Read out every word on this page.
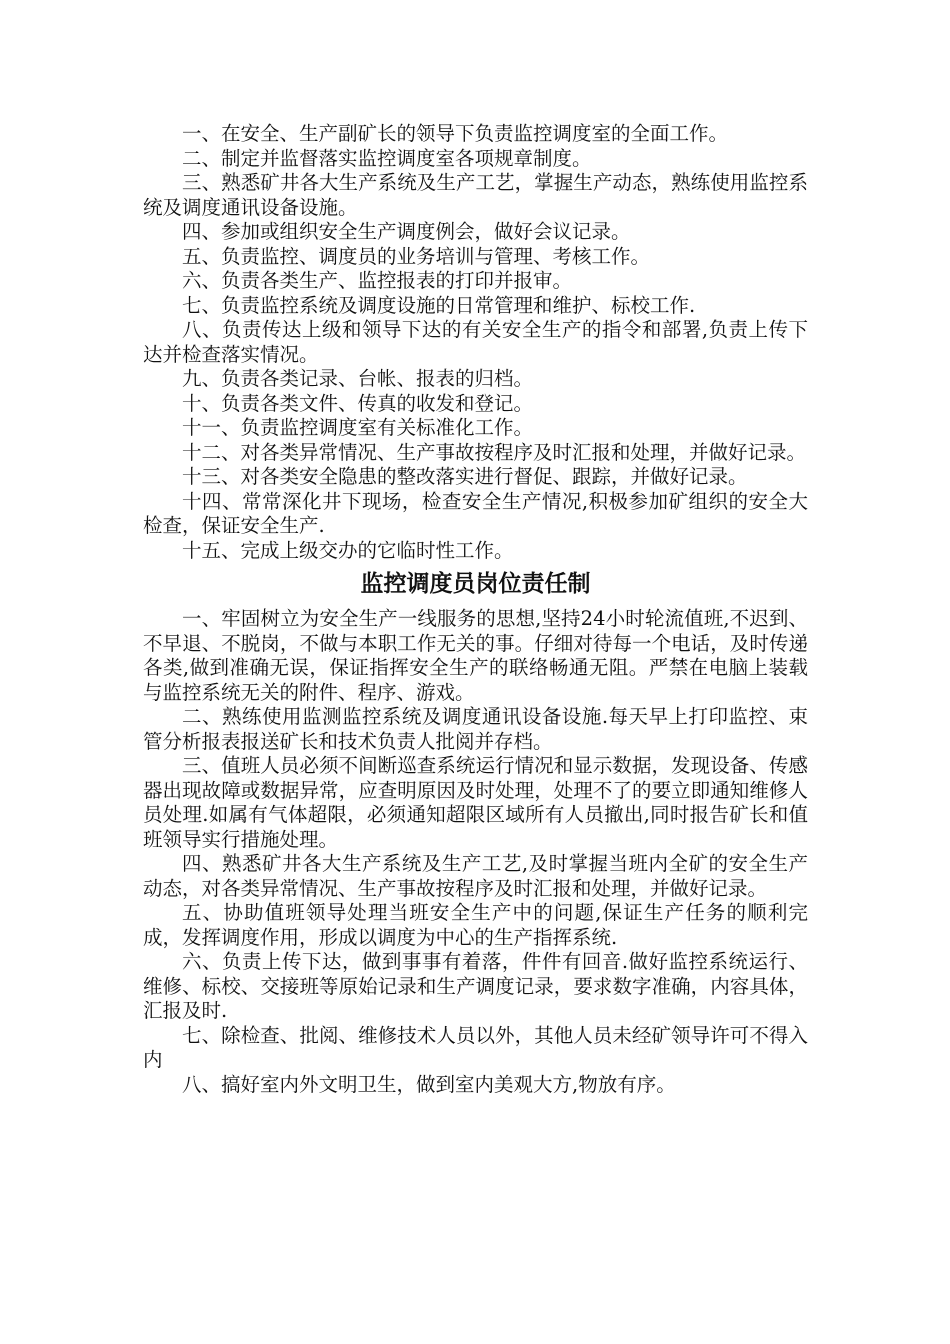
一、在安全、生产副矿长的领导下负责监控调度室的全面工作。

二、制定并监督落实监控调度室各项规章制度。

三、熟悉矿井各大生产系统及生产工艺，掌握生产动态，熟练使用监控系统及调度通讯设备设施。

四、参加或组织安全生产调度例会，做好会议记录。

五、负责监控、调度员的业务培训与管理、考核工作。

六、负责各类生产、监控报表的打印并报审。

七、负责监控系统及调度设施的日常管理和维护、标校工作.

八、负责传达上级和领导下达的有关安全生产的指令和部署,负责上传下达并检查落实情况。

九、负责各类记录、台帐、报表的归档。

十、负责各类文件、传真的收发和登记。

十一、负责监控调度室有关标准化工作。

十二、对各类异常情况、生产事故按程序及时汇报和处理，并做好记录。

十三、对各类安全隐患的整改落实进行督促、跟踪，并做好记录。

十四、常常深化井下现场，检查安全生产情况,积极参加矿组织的安全大检查，保证安全生产.

十五、完成上级交办的它临时性工作。

监控调度员岗位责任制

一、牢固树立为安全生产一线服务的思想,坚持24小时轮流值班,不迟到、不早退、不脱岗，不做与本职工作无关的事。仔细对待每一个电话，及时传递各类,做到准确无误，保证指挥安全生产的联络畅通无阻。严禁在电脑上装载与监控系统无关的附件、程序、游戏。

二、熟练使用监测监控系统及调度通讯设备设施.每天早上打印监控、束管分析报表报送矿长和技术负责人批阅并存档。

三、值班人员必须不间断巡查系统运行情况和显示数据，发现设备、传感器出现故障或数据异常，应查明原因及时处理，处理不了的要立即通知维修人员处理.如属有气体超限，必须通知超限区域所有人员撤出,同时报告矿长和值班领导实行措施处理。

四、熟悉矿井各大生产系统及生产工艺,及时掌握当班内全矿的安全生产动态，对各类异常情况、生产事故按程序及时汇报和处理，并做好记录。

五、协助值班领导处理当班安全生产中的问题,保证生产任务的顺利完成，发挥调度作用，形成以调度为中心的生产指挥系统.

六、负责上传下达，做到事事有着落，件件有回音.做好监控系统运行、维修、标校、交接班等原始记录和生产调度记录，要求数字准确，内容具体，汇报及时.

七、除检查、批阅、维修技术人员以外，其他人员未经矿领导许可不得入内

八、搞好室内外文明卫生，做到室内美观大方,物放有序。
